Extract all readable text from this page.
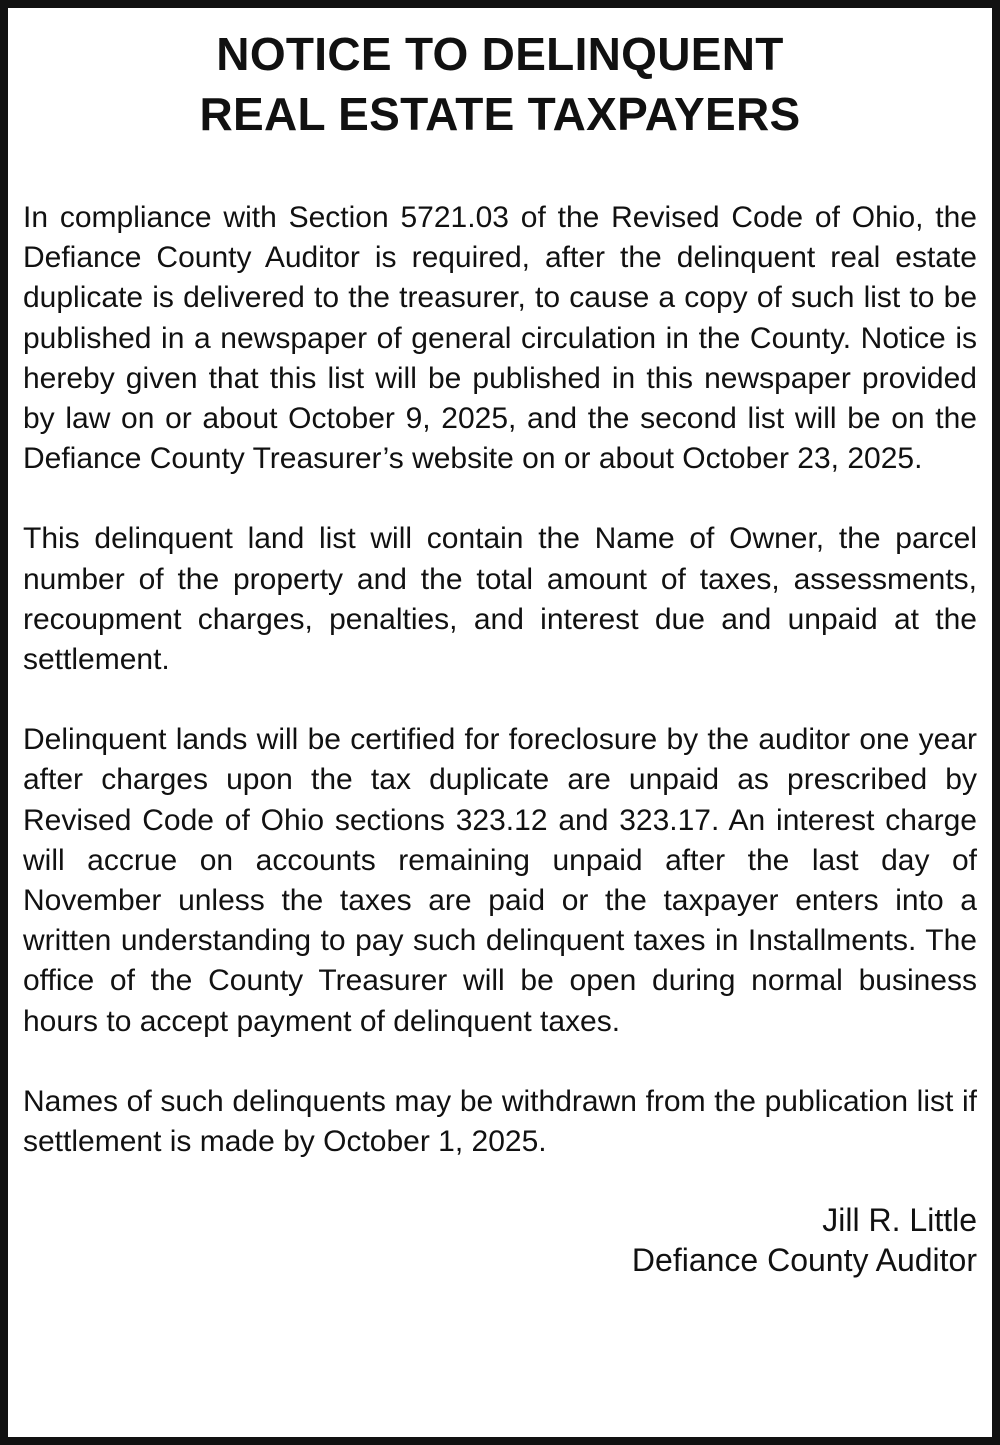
NOTICE TO DELINQUENT
REAL ESTATE TAXPAYERS

In compliance with Section 5721.03 of the Revised Code of Ohio, the Defiance County Auditor is required, after the delinquent real estate duplicate is delivered to the treasurer, to cause a copy of such list to be published in a newspaper of general circulation in the County. Notice is hereby given that this list will be published in this newspaper provided by law on or about October 9, 2025, and the second list will be on the Defiance County Treasurer’s website on or about October 23, 2025.

This delinquent land list will contain the Name of Owner, the parcel number of the property and the total amount of taxes, assessments, recoupment charges, penalties, and interest due and unpaid at the settlement.

Delinquent lands will be certified for foreclosure by the auditor one year after charges upon the tax duplicate are unpaid as prescribed by Revised Code of Ohio sections 323.12 and 323.17. An interest charge will accrue on accounts remaining unpaid after the last day of November unless the taxes are paid or the taxpayer enters into a written understanding to pay such delinquent taxes in Installments. The office of the County Treasurer will be open during normal business hours to accept payment of delinquent taxes.

Names of such delinquents may be withdrawn from the publication list if settlement is made by October 1, 2025.

Jill R. Little
Defiance County Auditor
